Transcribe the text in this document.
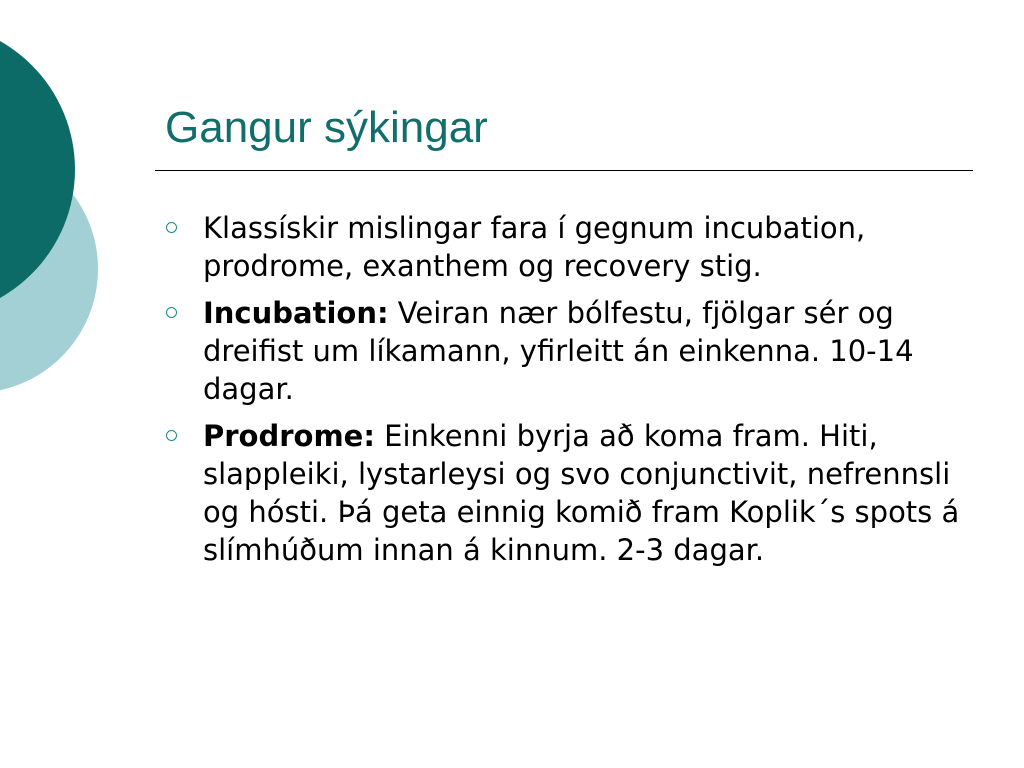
Gangur sýkingar
Klassískir mislingar fara í gegnum incubation, prodrome, exanthem og recovery stig.
Incubation: Veiran nær bólfestu, fjölgar sér og dreifist um líkamann, yfirleitt án einkenna. 10-14 dagar.
Prodrome: Einkenni byrja að koma fram. Hiti, slappleiki, lystarleysi og svo conjunctivit, nefrennsli og hósti. Þá geta einnig komið fram Koplik´s spots á slímhúðum innan á kinnum. 2-3 dagar.
